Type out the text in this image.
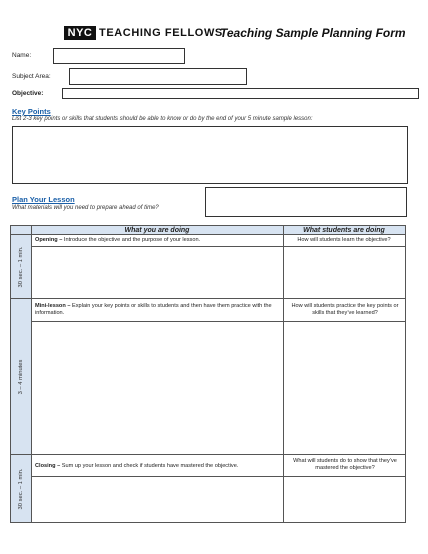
NYC TEACHING FELLOWS
Teaching Sample Planning Form
Name:
Subject Area:
Objective:
Key Points
List 2-3 key points or skills that students should be able to know or do by the end of your 5 minute sample lesson:
Plan Your Lesson
What materials will you need to prepare ahead of time?
What you are doing	What students are doing
30 sec. – 1 min.
Opening – Introduce the objective and the purpose of your lesson.	How will students learn the objective?
3 – 4 minutes
Mini-lesson – Explain your key points or skills to students and then have them practice with the information.
How will students practice the key points or skills that they’ve learned?
30 sec. – 1 min.
Closing – Sum up your lesson and check if students have mastered the objective.
What will students do to show that they’ve mastered the objective?
